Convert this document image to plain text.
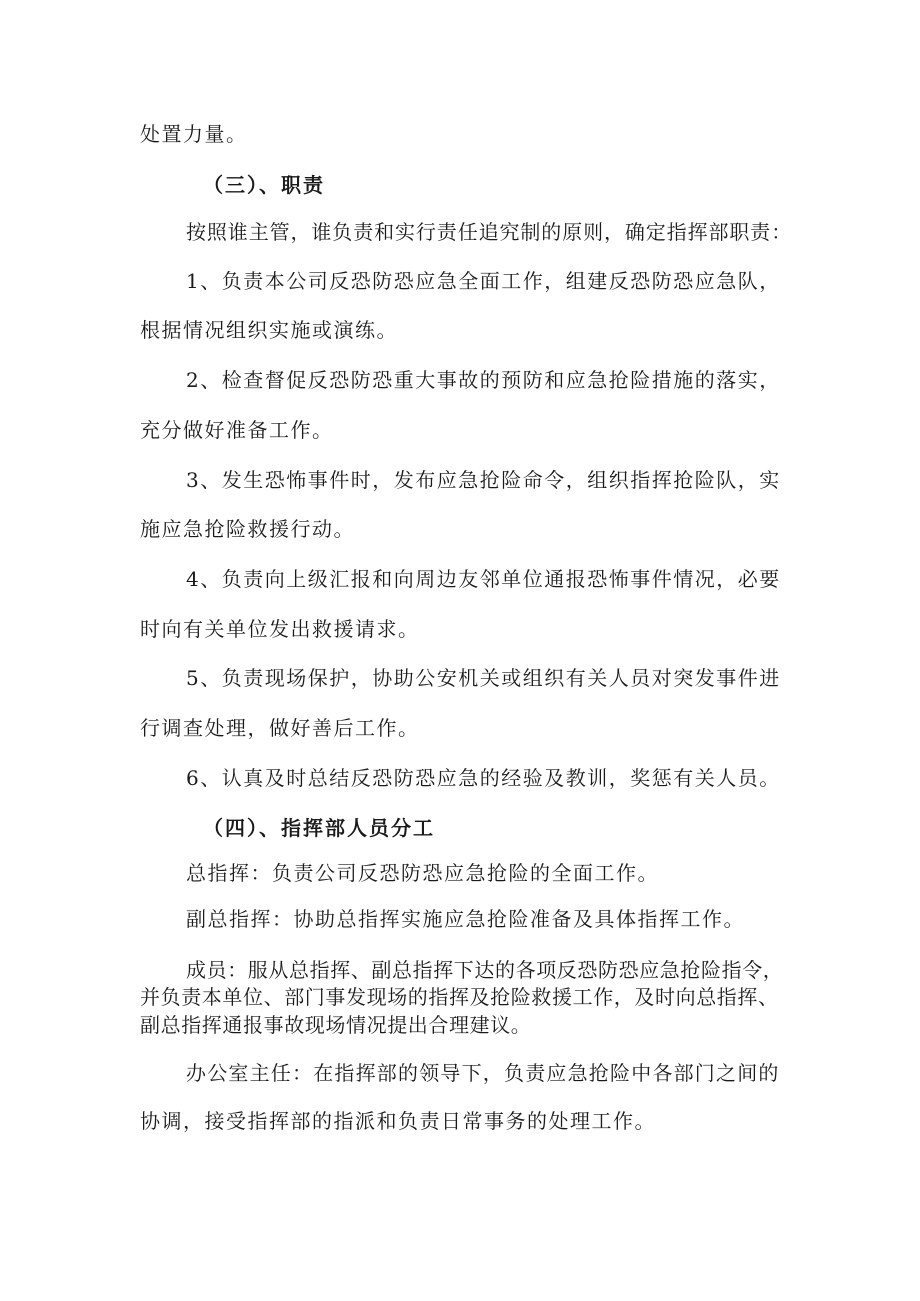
处置力量。

（三）、职责

按照谁主管，谁负责和实行责任追究制的原则，确定指挥部职责：

1、负责本公司反恐防恐应急全面工作，组建反恐防恐应急队，

根据情况组织实施或演练。

2、检查督促反恐防恐重大事故的预防和应急抢险措施的落实，

充分做好准备工作。

3、发生恐怖事件时，发布应急抢险命令，组织指挥抢险队，实

施应急抢险救援行动。

4、负责向上级汇报和向周边友邻单位通报恐怖事件情况，必要

时向有关单位发出救援请求。

5、负责现场保护，协助公安机关或组织有关人员对突发事件进

行调查处理，做好善后工作。

6、认真及时总结反恐防恐应急的经验及教训，奖惩有关人员。

（四）、指挥部人员分工

总指挥：负责公司反恐防恐应急抢险的全面工作。

副总指挥：协助总指挥实施应急抢险准备及具体指挥工作。

成员：服从总指挥、副总指挥下达的各项反恐防恐应急抢险指令，

并负责本单位、部门事发现场的指挥及抢险救援工作，及时向总指挥、

副总指挥通报事故现场情况提出合理建议。

办公室主任：在指挥部的领导下，负责应急抢险中各部门之间的

协调，接受指挥部的指派和负责日常事务的处理工作。
